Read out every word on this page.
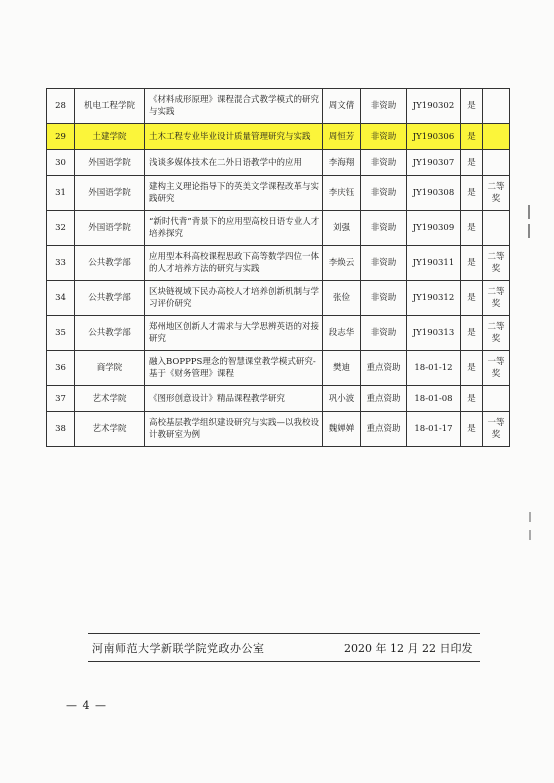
28	机电工程学院	《材料成形原理》课程混合式教学模式的研究与实践	周文倩	非资助	JY190302	是	
29	土建学院	土木工程专业毕业设计质量管理研究与实践	周恒芳	非资助	JY190306	是	
30	外国语学院	浅谈多媒体技术在二外日语教学中的应用	李海翔	非资助	JY190307	是	
31	外国语学院	建构主义理论指导下的英美文学课程改革与实践研究	李庆钰	非资助	JY190308	是	二等奖
32	外国语学院	“新时代背”背景下的应用型高校日语专业人才培养探究	刘强	非资助	JY190309	是	
33	公共教学部	应用型本科高校课程思政下高等数学四位一体的人才培养方法的研究与实践	李焕云	非资助	JY190311	是	二等奖
34	公共教学部	区块链视域下民办高校人才培养创新机制与学习评价研究	张俭	非资助	JY190312	是	二等奖
35	公共教学部	郑州地区创新人才需求与大学思辨英语的对接研究	段志华	非资助	JY190313	是	二等奖
36	商学院	融入BOPPPS理念的智慧课堂教学模式研究-基于《财务管理》课程	樊迪	重点资助	18-01-12	是	一等奖
37	艺术学院	《图形创意设计》精品课程教学研究	巩小波	重点资助	18-01-08	是	
38	艺术学院	高校基层教学组织建设研究与实践—以我校设计教研室为例	魏婵婵	重点资助	18-01-17	是	一等奖
河南师范大学新联学院党政办公室	2020 年 12 月 22 日印发
— 4 —
